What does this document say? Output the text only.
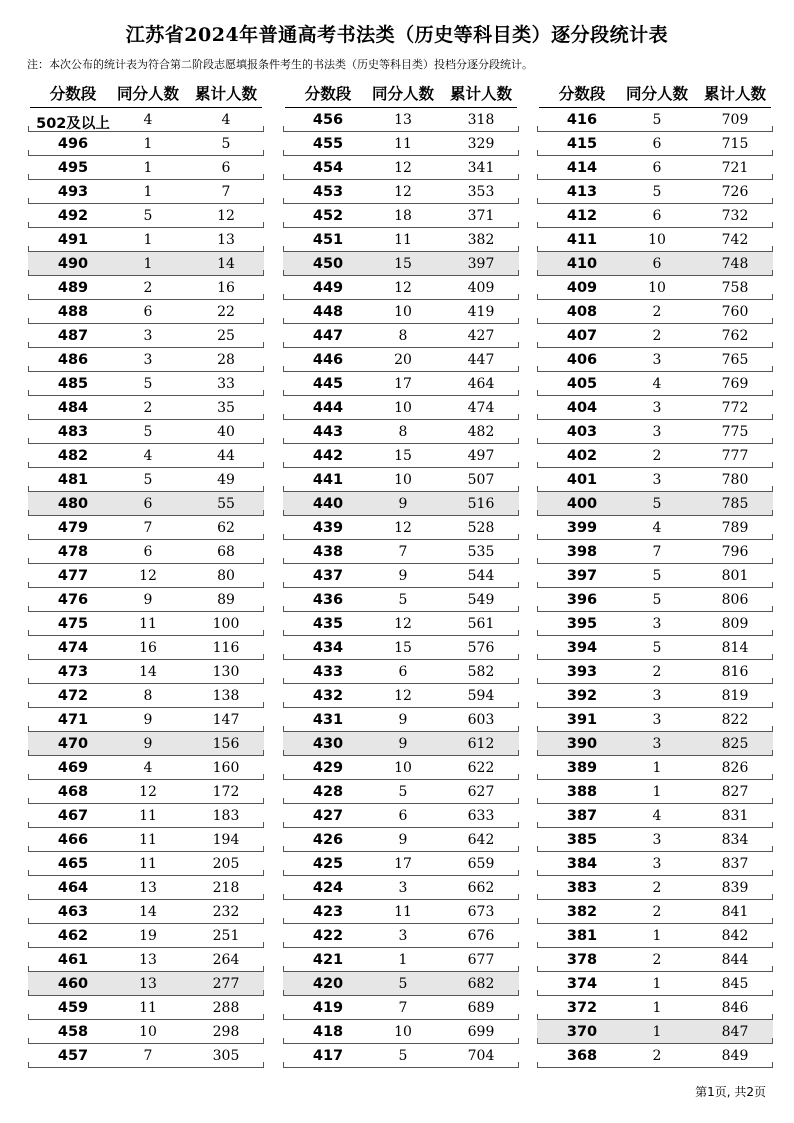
江苏省2024年普通高考书法类（历史等科目类）逐分段统计表
注：本次公布的统计表为符合第二阶段志愿填报条件考生的书法类（历史等科目类）投档分逐分段统计。
分数段	同分人数	累计人数
502及以上	4	4
496	1	5
495	1	6
493	1	7
492	5	12
491	1	13
490	1	14
489	2	16
488	6	22
487	3	25
486	3	28
485	5	33
484	2	35
483	5	40
482	4	44
481	5	49
480	6	55
479	7	62
478	6	68
477	12	80
476	9	89
475	11	100
474	16	116
473	14	130
472	8	138
471	9	147
470	9	156
469	4	160
468	12	172
467	11	183
466	11	194
465	11	205
464	13	218
463	14	232
462	19	251
461	13	264
460	13	277
459	11	288
458	10	298
457	7	305
分数段	同分人数	累计人数
456	13	318
455	11	329
454	12	341
453	12	353
452	18	371
451	11	382
450	15	397
449	12	409
448	10	419
447	8	427
446	20	447
445	17	464
444	10	474
443	8	482
442	15	497
441	10	507
440	9	516
439	12	528
438	7	535
437	9	544
436	5	549
435	12	561
434	15	576
433	6	582
432	12	594
431	9	603
430	9	612
429	10	622
428	5	627
427	6	633
426	9	642
425	17	659
424	3	662
423	11	673
422	3	676
421	1	677
420	5	682
419	7	689
418	10	699
417	5	704
分数段	同分人数	累计人数
416	5	709
415	6	715
414	6	721
413	5	726
412	6	732
411	10	742
410	6	748
409	10	758
408	2	760
407	2	762
406	3	765
405	4	769
404	3	772
403	3	775
402	2	777
401	3	780
400	5	785
399	4	789
398	7	796
397	5	801
396	5	806
395	3	809
394	5	814
393	2	816
392	3	819
391	3	822
390	3	825
389	1	826
388	1	827
387	4	831
385	3	834
384	3	837
383	2	839
382	2	841
381	1	842
378	2	844
374	1	845
372	1	846
370	1	847
368	2	849
第1页, 共2页
